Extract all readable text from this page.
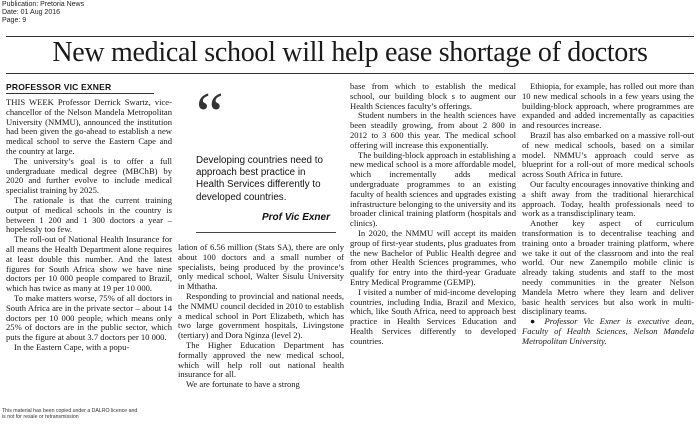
Publication: Pretoria News
Date: 01 Aug 2016
Page: 9
New medical school will help ease shortage of doctors
PROFESSOR VIC EXNER

THIS WEEK Professor Derrick Swartz, vice-chancellor of the Nelson Mandela Metropolitan University (NMMU), announced the institution had been given the go-ahead to establish a new medical school to serve the Eastern Cape and the country at large.

The university’s goal is to offer a full undergraduate medical degree (MBChB) by 2020 and further evolve to include medical specialist training by 2025.

The rationale is that the current training output of medical schools in the country is between 1 200 and 1 300 doctors a year – hopelessly too few.

The roll-out of National Health Insurance for all means the Health Department alone requires at least double this number. And the latest figures for South Africa show we have nine doctors per 10 000 people compared to Brazil, which has twice as many at 19 per 10 000.

To make matters worse, 75% of all doctors in South Africa are in the private sector – about 14 doctors per 10 000 people, which means only 25% of doctors are in the public sector, which puts the figure at about 3.7 doctors per 10 000.

In the Eastern Cape, with a popu-

“
Developing countries need to approach best practice in Health Services differently to developed countries.
Prof Vic Exner

lation of 6.56 million (Stats SA), there are only about 100 doctors and a small number of specialists, being produced by the province’s only medical school, Walter Sisulu University in Mthatha.

Responding to provincial and national needs, the NMMU council decided in 2010 to establish a medical school in Port Elizabeth, which has two large government hospitals, Livingstone (tertiary) and Dora Nginza (level 2).

The Higher Education Department has formally approved the new medical school, which will help roll out national health insurance for all.

We are fortunate to have a strong

base from which to establish the medical school, our building block s to augment our Health Sciences faculty’s offerings.

Student numbers in the health sciences have been steadily growing, from about 2 800 in 2012 to 3 600 this year. The medical school offering will increase this exponentially.

The building-block approach in establishing a new medical school is a more affordable model, which incrementally adds medical undergraduate programmes to an existing faculty of health sciences and upgrades existing infrastructure belonging to the university and its broader clinical training platform (hospitals and clinics).

In 2020, the NMMU will accept its maiden group of first-year students, plus graduates from the new Bachelor of Public Health degree and from other Health Sciences programmes, who qualify for entry into the third-year Graduate Entry Medical Programme (GEMP).

I visited a number of mid-income developing countries, including India, Brazil and Mexico, which, like South Africa, need to approach best practice in Health Services Education and Health Services differently to developed countries.

Ethiopia, for example, has rolled out more than 10 new medical schools in a few years using the building-block approach, where programmes are expanded and added incrementally as capacities and resources increase.

Brazil has also embarked on a massive roll-out of new medical schools, based on a similar model. NMMU’s approach could serve as blueprint for a roll-out of more medical schools across South Africa in future.

Our faculty encourages innovative thinking and a shift away from the traditional hierarchical approach. Today, health professionals need to work as a transdisciplinary team.

Another key aspect of curriculum transformation is to decentralise teaching and training onto a broader training platform, where we take it out of the classroom and into the real world. Our new Zanempilo mobile clinic is already taking students and staff to the most needy communities in the greater Nelson Mandela Metro where they learn and deliver basic health services but also work in multi-disciplinary teams.

● Professor Vic Exner is executive dean, Faculty of Health Sciences, Nelson Mandela Metropolitan University.

This material has been copied under a DALRO licence and
is not for resale or retransmission
